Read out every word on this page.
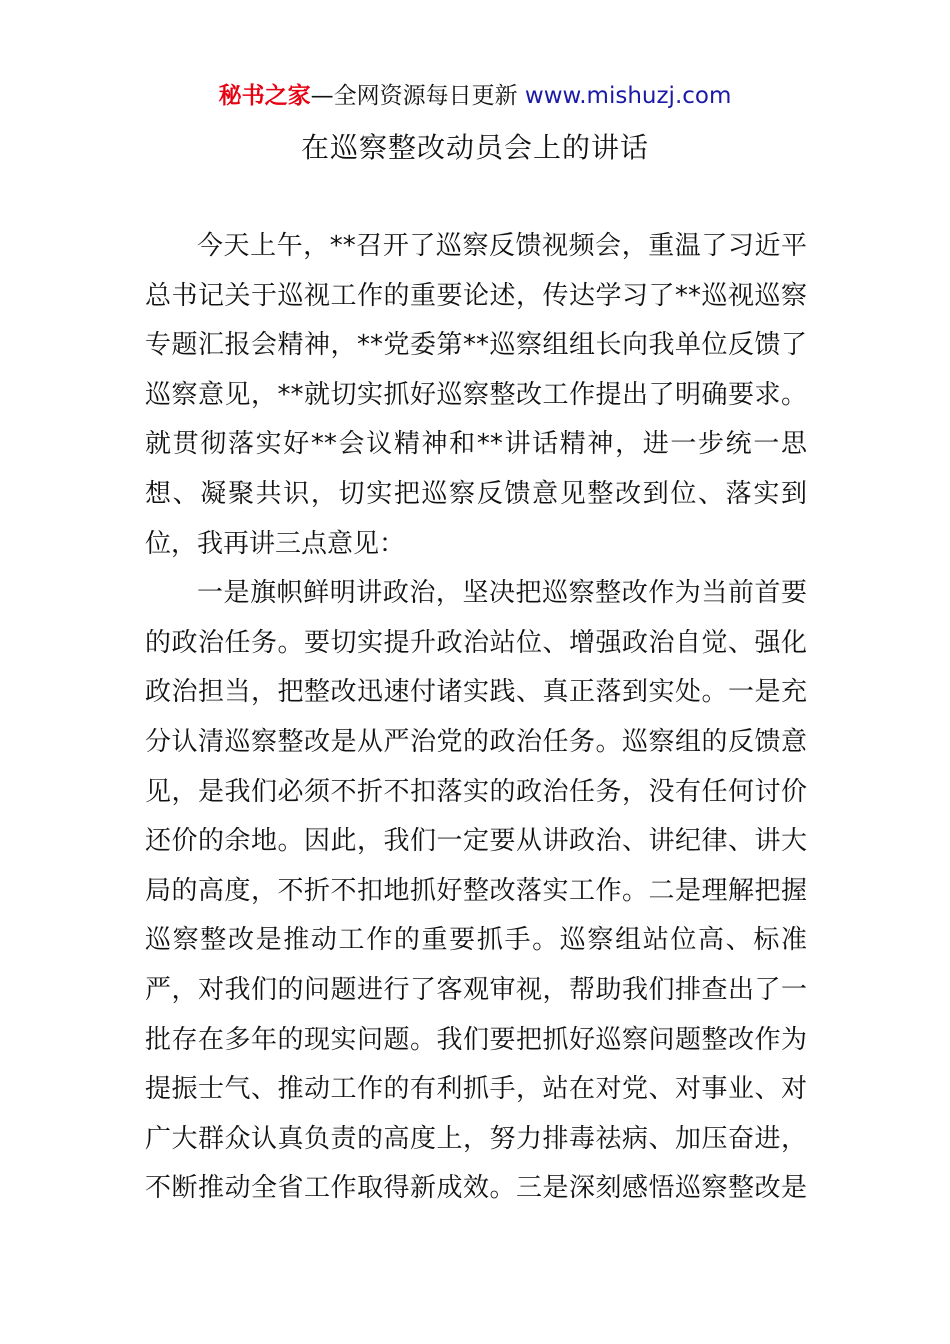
秘书之家—全网资源每日更新 www.mishuzj.com
在巡察整改动员会上的讲话
今天上午，**召开了巡察反馈视频会，重温了习近平
总书记关于巡视工作的重要论述，传达学习了**巡视巡察
专题汇报会精神，**党委第**巡察组组长向我单位反馈了
巡察意见，**就切实抓好巡察整改工作提出了明确要求。
就贯彻落实好**会议精神和**讲话精神，进一步统一思
想、凝聚共识，切实把巡察反馈意见整改到位、落实到
位，我再讲三点意见：
一是旗帜鲜明讲政治，坚决把巡察整改作为当前首要
的政治任务。要切实提升政治站位、增强政治自觉、强化
政治担当，把整改迅速付诸实践、真正落到实处。一是充
分认清巡察整改是从严治党的政治任务。巡察组的反馈意
见，是我们必须不折不扣落实的政治任务，没有任何讨价
还价的余地。因此，我们一定要从讲政治、讲纪律、讲大
局的高度，不折不扣地抓好整改落实工作。二是理解把握
巡察整改是推动工作的重要抓手。巡察组站位高、标准
严，对我们的问题进行了客观审视，帮助我们排查出了一
批存在多年的现实问题。我们要把抓好巡察问题整改作为
提振士气、推动工作的有利抓手，站在对党、对事业、对
广大群众认真负责的高度上，努力排毒祛病、加压奋进，
不断推动全省工作取得新成效。三是深刻感悟巡察整改是
